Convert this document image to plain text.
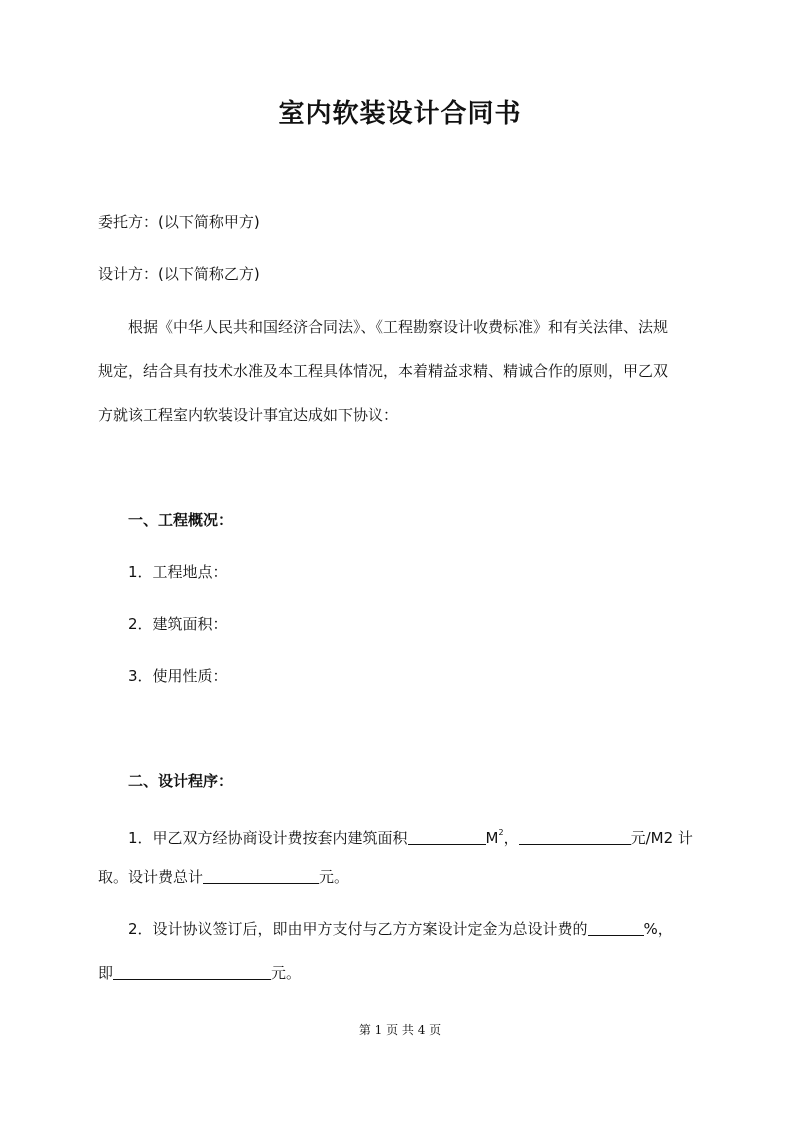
室内软装设计合同书

委托方：(以下简称甲方)

设计方：(以下简称乙方)

根据《中华人民共和国经济合同法》、《工程勘察设计收费标准》和有关法律、法规

规定，结合具有技术水准及本工程具体情况，本着精益求精、精诚合作的原则，甲乙双

方就该工程室内软装设计事宜达成如下协议：

一、工程概况：

1．工程地点：

2．建筑面积：

3．使用性质：

二、设计程序：

1．甲乙双方经协商设计费按套内建筑面积	$M^2$，	元/M2 计

取。设计费总计	元。

2．设计协议签订后，即由甲方支付与乙方方案设计定金为总设计费的	%，

即	元。

第 1 页 共 4 页
